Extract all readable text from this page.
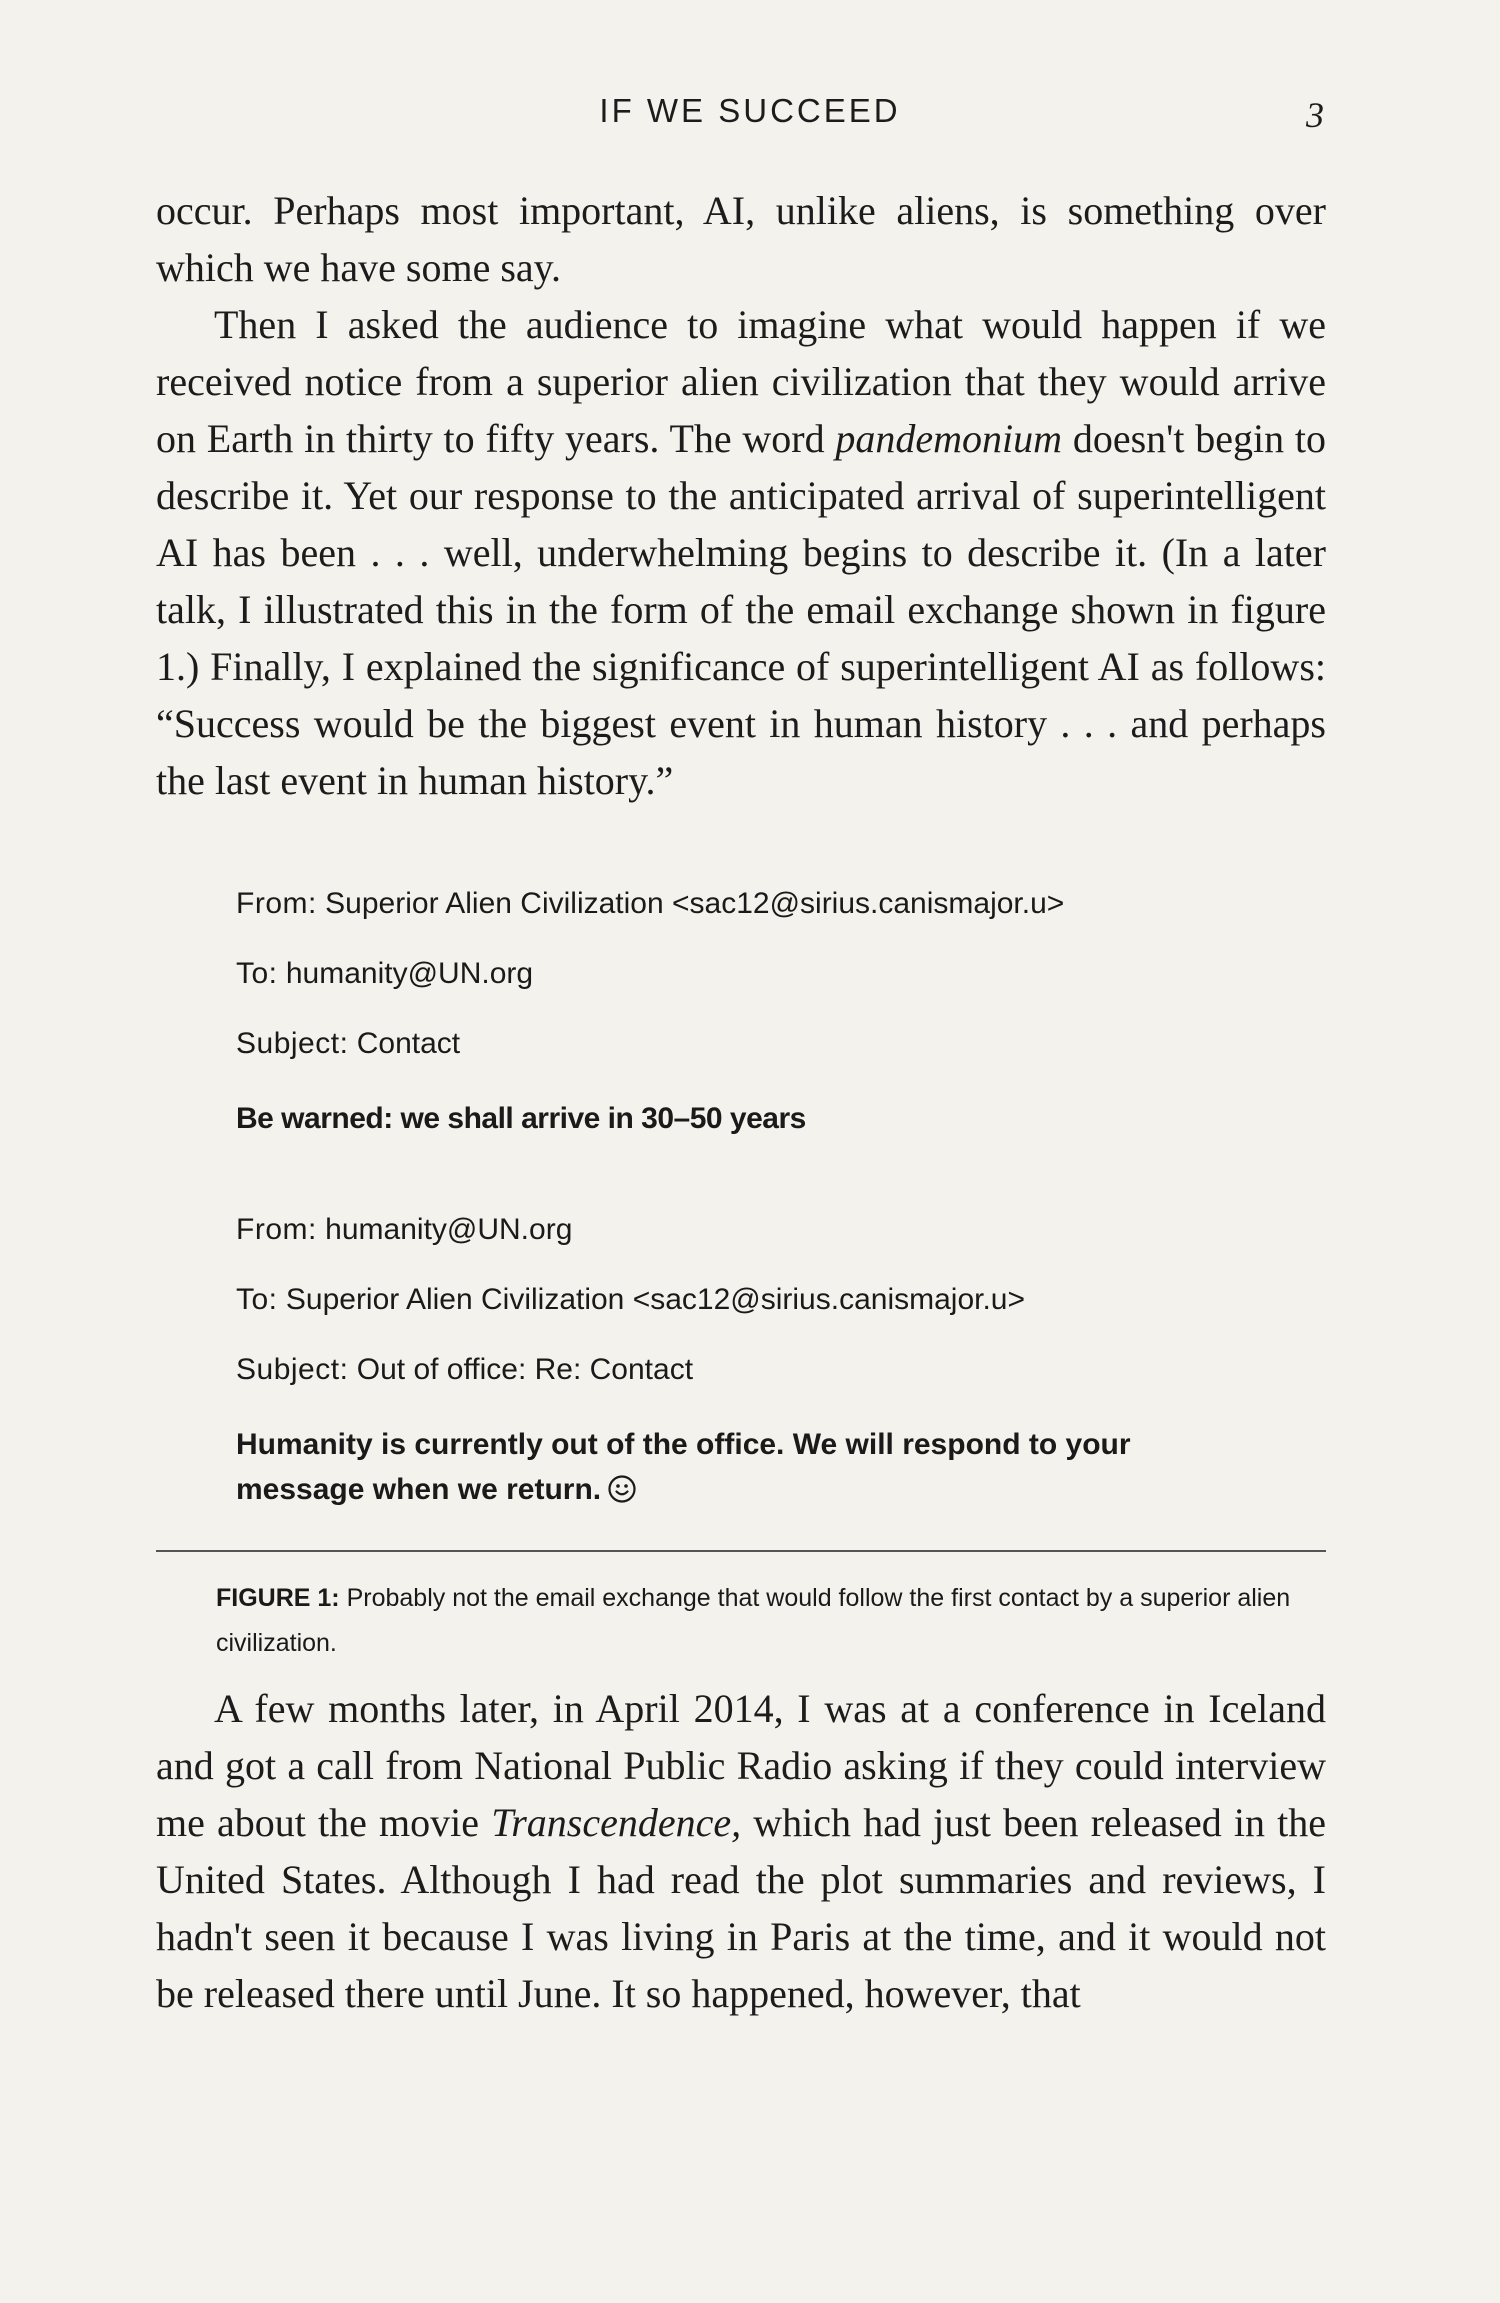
IF WE SUCCEED	3

occur. Perhaps most important, AI, unlike aliens, is something over which we have some say.

Then I asked the audience to imagine what would happen if we received notice from a superior alien civilization that they would arrive on Earth in thirty to fifty years. The word pandemonium doesn't begin to describe it. Yet our response to the anticipated arrival of superintelligent AI has been . . . well, underwhelming begins to describe it. (In a later talk, I illustrated this in the form of the email exchange shown in figure 1.) Finally, I explained the significance of superintelligent AI as follows: “Success would be the biggest event in human history . . . and perhaps the last event in human history.”

From: Superior Alien Civilization <sac12@sirius.canismajor.u>
To: humanity@UN.org
Subject: Contact
Be warned: we shall arrive in 30–50 years
From: humanity@UN.org
To: Superior Alien Civilization <sac12@sirius.canismajor.u>
Subject: Out of office: Re: Contact
Humanity is currently out of the office. We will respond to your message when we return.
FIGURE 1: Probably not the email exchange that would follow the first contact by a superior alien civilization.

A few months later, in April 2014, I was at a conference in Iceland and got a call from National Public Radio asking if they could interview me about the movie Transcendence, which had just been released in the United States. Although I had read the plot summaries and reviews, I hadn't seen it because I was living in Paris at the time, and it would not be released there until June. It so happened, however, that
